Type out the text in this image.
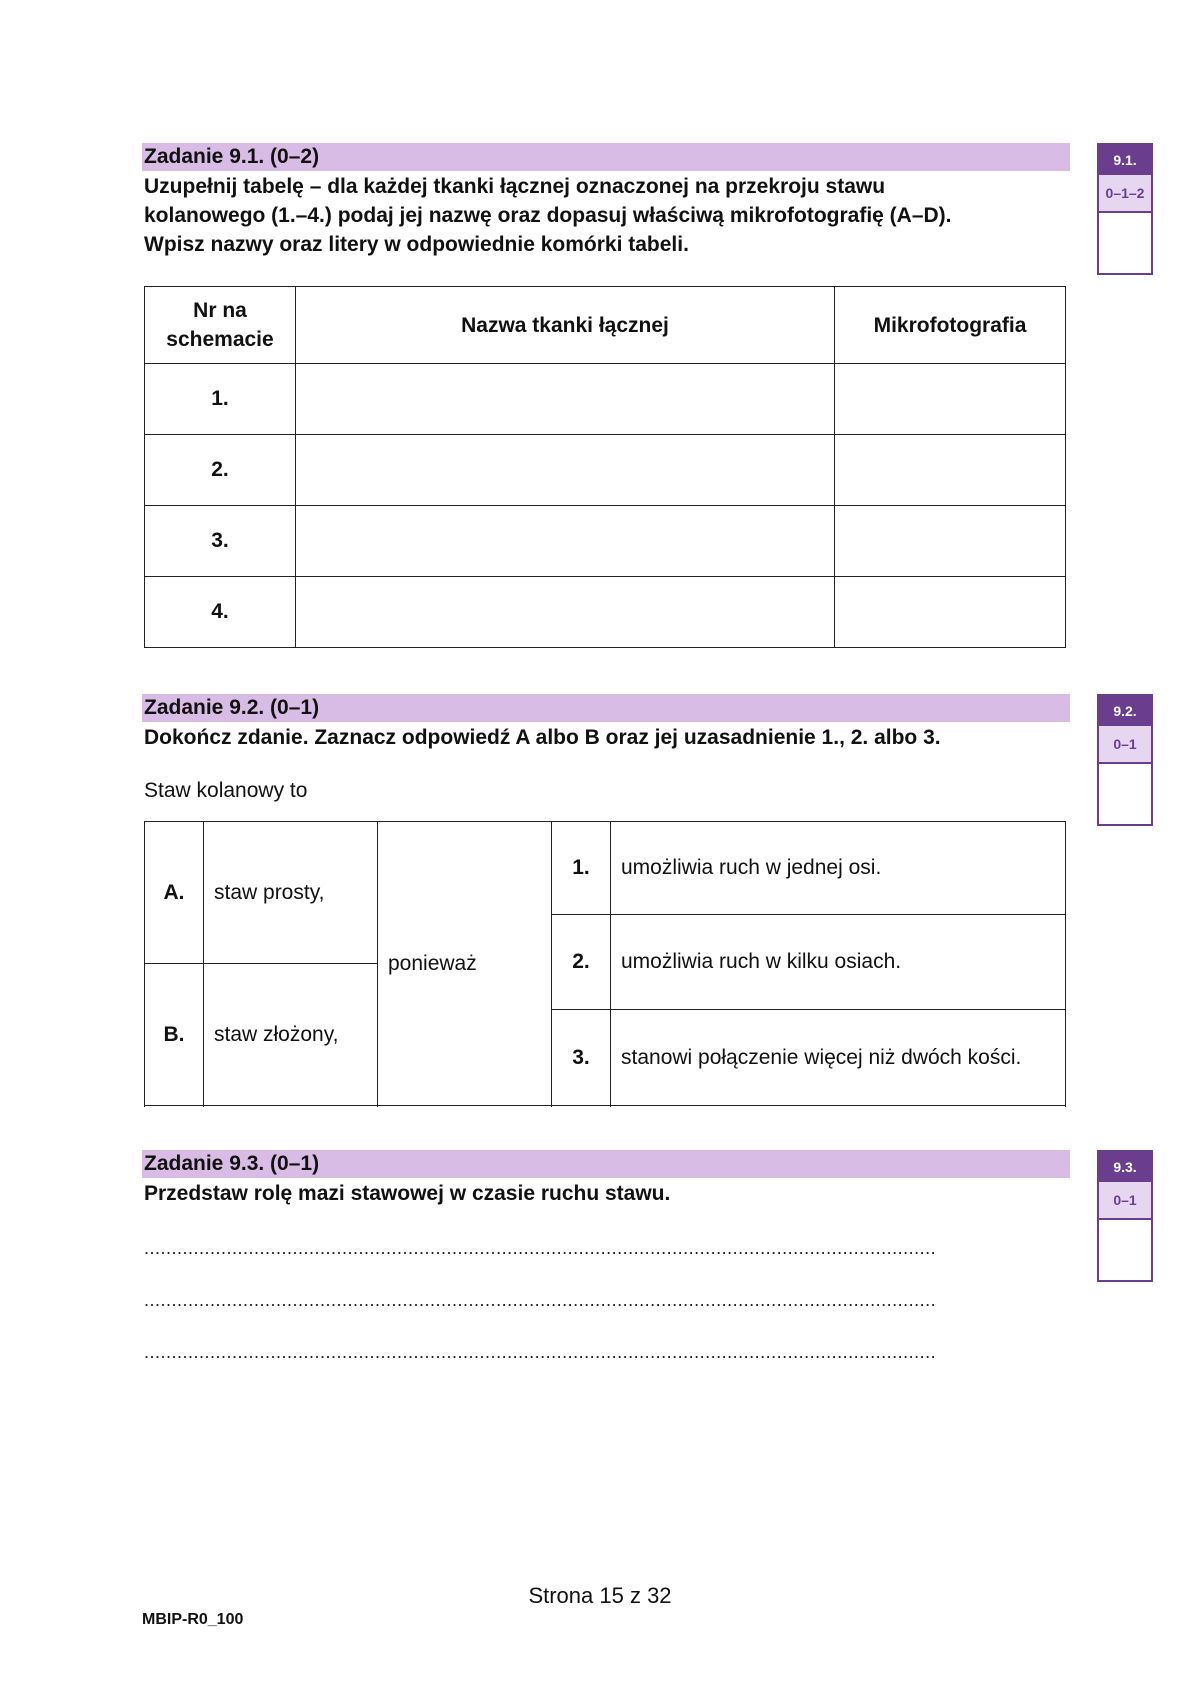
Zadanie 9.1. (0–2)
Uzupełnij tabelę – dla każdej tkanki łącznej oznaczonej na przekroju stawu
kolanowego (1.–4.) podaj jej nazwę oraz dopasuj właściwą mikrofotografię (A–D).
Wpisz nazwy oraz litery w odpowiednie komórki tabeli.
9.1.
0–1–2
Nr na
schemacie	Nazwa tkanki łącznej	Mikrofotografia
1.		
2.		
3.		
4.		
Zadanie 9.2. (0–1)
Dokończ zdanie. Zaznacz odpowiedź A albo B oraz jej uzasadnienie 1., 2. albo 3.
Staw kolanowy to
9.2.
0–1
A.	staw prosty,	ponieważ	1.	umożliwia ruch w jednej osi.

			2.	umożliwia ruch w kilku osiach.
B.	staw złożony,			
			3.	stanowi połączenie więcej niż dwóch kości.

Zadanie 9.3. (0–1)
Przedstaw rolę mazi stawowej w czasie ruchu stawu.
9.3.
0–1
................................................................................................................................................
................................................................................................................................................
................................................................................................................................................
Strona 15 z 32
MBIP-R0_100
